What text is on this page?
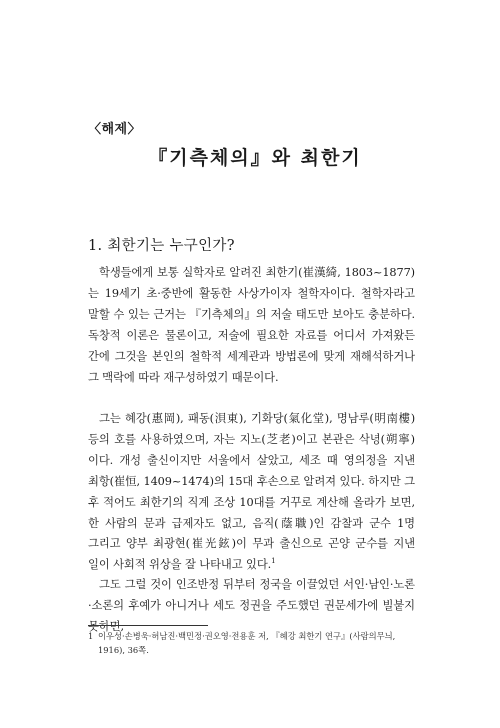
〈해제〉
『기측체의』와 최한기
1. 최한기는 누구인가?

학생들에게 보통 실학자로 알려진 최한기(崔漢綺, 1803~1877)는 19세기 초·중반에 활동한 사상가이자 철학자이다. 철학자라고 말할 수 있는 근거는 『기측체의』의 저술 태도만 보아도 충분하다. 독창적 이론은 물론이고, 저술에 필요한 자료를 어디서 가져왔든 간에 그것을 본인의 철학적 세계관과 방법론에 맞게 재해석하거나 그 맥락에 따라 재구성하였기 때문이다.

그는 혜강(惠岡), 패동(浿東), 기화당(氣化堂), 명남루(明南樓) 등의 호를 사용하였으며, 자는 지노(芝老)이고 본관은 삭녕(朔寧)이다. 개성 출신이지만 서울에서 살았고, 세조 때 영의정을 지낸 최항(崔恒, 1409~1474)의 15대 후손으로 알려져 있다. 하지만 그 후 적어도 최한기의 직계 조상 10대를 거꾸로 계산해 올라가 보면, 한 사람의 문과 급제자도 없고, 음직(蔭職)인 감찰과 군수 1명 그리고 양부 최광현(崔光鉉)이 무과 출신으로 곤양 군수를 지낸 일이 사회적 위상을 잘 나타내고 있다.$^1$

그도 그럴 것이 인조반정 뒤부터 정국을 이끌었던 서인·남인·노론·소론의 후예가 아니거나 세도 정권을 주도했던 권문세가에 빌붙지 못하면,

1 이우성·손병욱·허남진·백민정·권오영·전용훈 저, 『혜강 최한기 연구』(사람의무늬,
1916), 36쪽.
